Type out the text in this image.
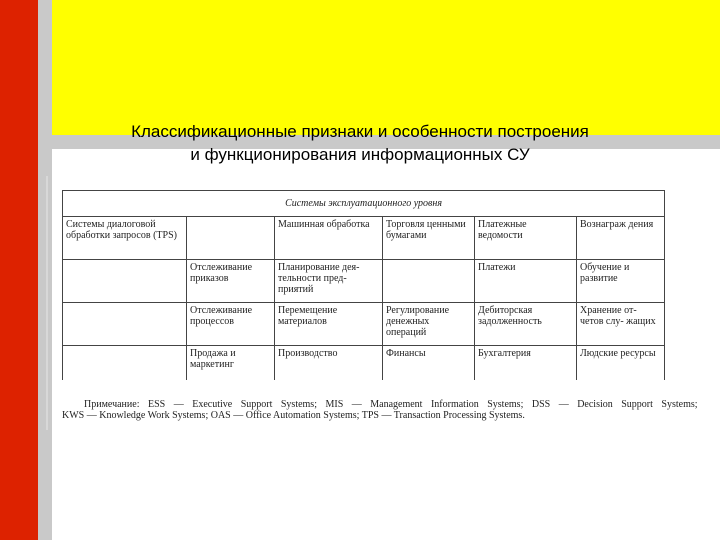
Классификационные признаки и особенности построения
и функционирования информационных СУ
Системы эксплуатационного уровня					
Системы диалоговой обработки запросов (TPS)		Машинная обработка	Торговля ценными бумагами	Платежные ведомости	Вознаграж дения
	Отслеживание приказов	Планирование дея- тельности пред- приятий		Платежи	Обучение и развитие
	Отслеживание процессов	Перемещение материалов	Регулирование денежных операций	Дебиторская задолженность	Хранение от- четов слу- жащих
	Продажа и маркетинг	Производство	Финансы	Бухгалтерия	Людские ресурсы
Примечание: ESS — Executive Support Systems; MIS — Management Information Systems; DSS — Decision Support Systems;
KWS — Knowledge Work Systems; OAS — Office Automation Systems; TPS — Transaction Processing Systems.
